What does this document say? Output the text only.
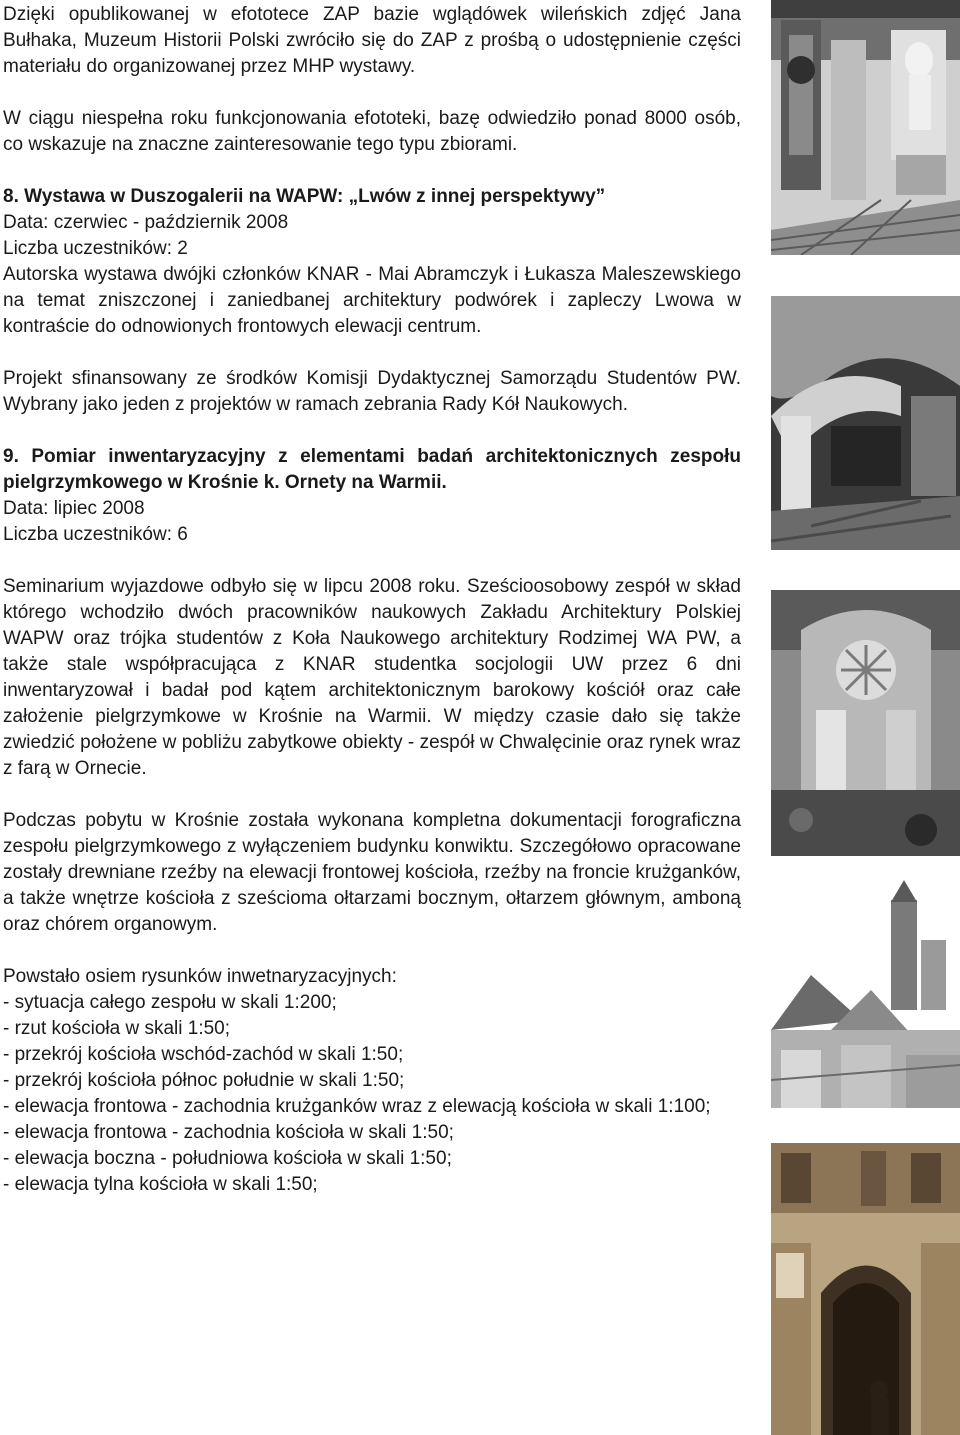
Dzięki opublikowanej w efototece ZAP bazie wglądówek wileńskich zdjęć Jana Bułhaka, Muzeum Historii Polski zwróciło się do ZAP z prośbą o udostępnienie części materiału do organizowanej przez MHP wystawy.

W ciągu niespełna roku funkcjonowania efototeki, bazę odwiedziło ponad 8000 osób, co wskazuje na znaczne zainteresowanie tego typu zbiorami.

8. Wystawa w Duszogalerii na WAPW: „Lwów z innej perspektywy”
Data: czerwiec - październik 2008
Liczba uczestników: 2
Autorska wystawa dwójki członków KNAR - Mai Abramczyk i Łukasza Maleszewskiego na temat zniszczonej i zaniedbanej architektury podwórek i zapleczy Lwowa w kontraście do odnowionych frontowych elewacji centrum.

Projekt sfinansowany ze środków Komisji Dydaktycznej Samorządu Studentów PW. Wybrany jako jeden z projektów w ramach zebrania Rady Kół Naukowych.

9. Pomiar inwentaryzacyjny z elementami badań architektonicznych zespołu pielgrzymkowego w Krośnie k. Ornety na Warmii.
Data: lipiec 2008
Liczba uczestników: 6

Seminarium wyjazdowe odbyło się w lipcu 2008 roku. Sześcioosobowy zespół w skład którego wchodziło dwóch pracowników naukowych Zakładu Architektury Polskiej WAPW oraz trójka studentów z Koła Naukowego architektury Rodzimej WA PW, a także stale współpracująca z KNAR studentka socjologii UW przez 6 dni inwentaryzował i badał pod kątem architektonicznym barokowy kościół oraz całe założenie pielgrzymkowe w Krośnie na Warmii. W między czasie dało się także zwiedzić położene w pobliżu zabytkowe obiekty - zespół w Chwalęcinie oraz rynek wraz z farą w Ornecie.

Podczas pobytu w Krośnie została wykonana kompletna dokumentacji forograficzna zespołu pielgrzymkowego z wyłączeniem budynku konwiktu. Szczegółowo opracowane zostały drewniane rzeźby na elewacji frontowej kościoła, rzeźby na froncie krużganków, a także wnętrze kościoła z sześcioma ołtarzami bocznym, ołtarzem głównym, amboną oraz chórem organowym.

Powstało osiem rysunków inwetnaryzacyjnych:
- sytuacja całego zespołu w skali 1:200;
- rzut kościoła w skali 1:50;
- przekrój kościoła wschód-zachód w skali 1:50;
- przekrój kościoła północ południe w skali 1:50;
- elewacja frontowa - zachodnia krużganków wraz z elewacją kościoła w skali 1:100;
- elewacja frontowa - zachodnia kościoła w skali 1:50;
- elewacja boczna - południowa kościoła w skali 1:50;
- elewacja tylna kościoła w skali 1:50;
